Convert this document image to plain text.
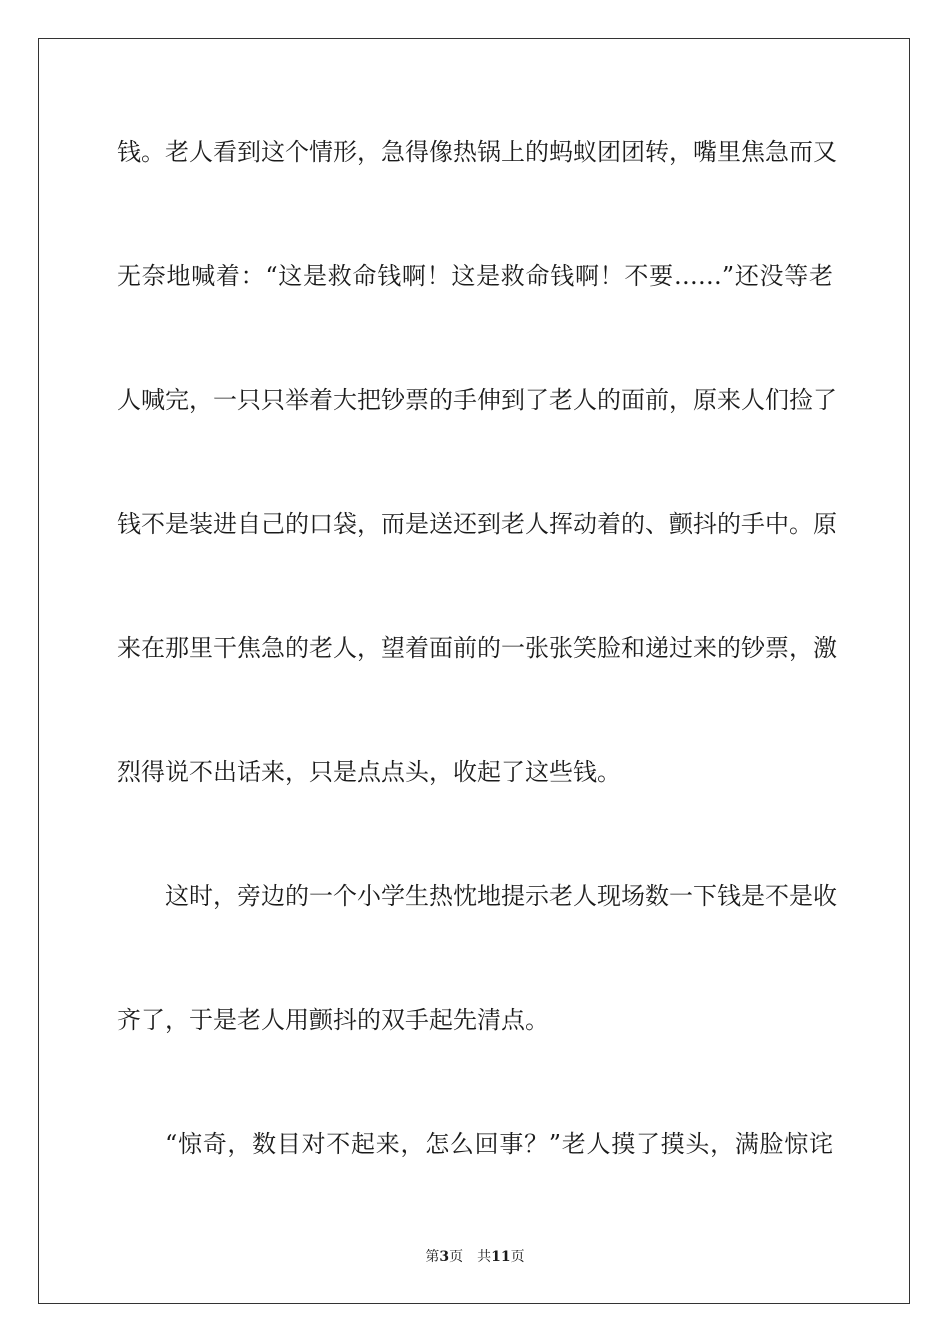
钱。老人看到这个情形，急得像热锅上的蚂蚁团团转，嘴里焦急而又
无奈地喊着：“这是救命钱啊！这是救命钱啊！不要……”还没等老
人喊完，一只只举着大把钞票的手伸到了老人的面前，原来人们捡了
钱不是装进自己的口袋，而是送还到老人挥动着的、颤抖的手中。原
来在那里干焦急的老人，望着面前的一张张笑脸和递过来的钞票，激
烈得说不出话来，只是点点头，收起了这些钱。
这时，旁边的一个小学生热忱地提示老人现场数一下钱是不是收
齐了，于是老人用颤抖的双手起先清点。
“惊奇，数目对不起来，怎么回事？”老人摸了摸头，满脸惊诧
第3页 共11页
